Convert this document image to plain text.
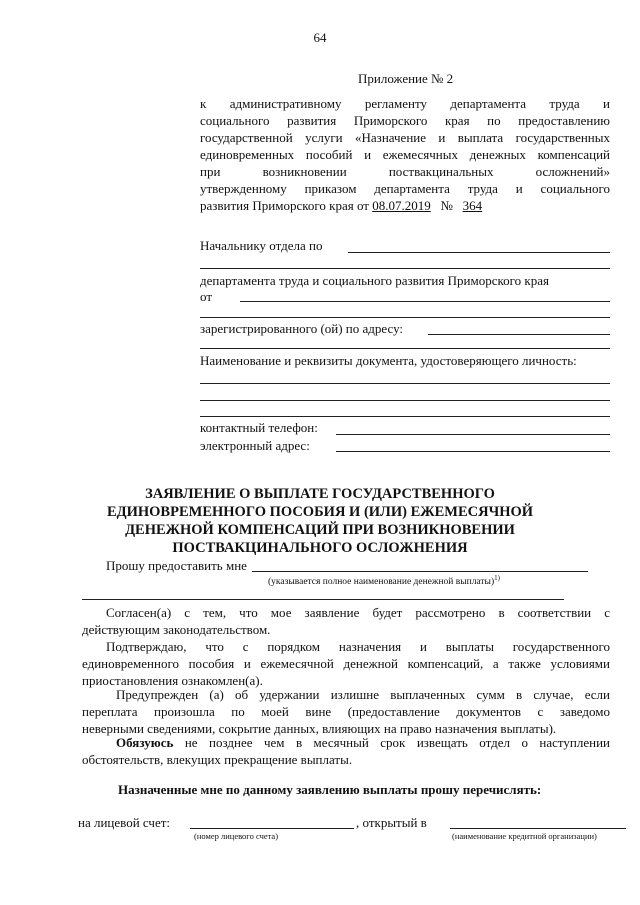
64
Приложение № 2
к административному регламенту департамента труда и
социального развития Приморского края по предоставлению
государственной услуги «Назначение и выплата государственных
единовременных пособий и ежемесячных денежных компенсаций
при возникновении поствакцинальных осложнений»
утвержденному приказом департамента труда и социального
развития Приморского края от 08.07.2019 № 364
Начальнику отдела по
департамента труда и социального развития Приморского края
от
зарегистрированного (ой) по адресу:
Наименование и реквизиты документа, удостоверяющего личность:
контактный телефон:
электронный адрес:
ЗАЯВЛЕНИЕ О ВЫПЛАТЕ ГОСУДАРСТВЕННОГО
ЕДИНОВРЕМЕННОГО ПОСОБИЯ И (ИЛИ) ЕЖЕМЕСЯЧНОЙ
ДЕНЕЖНОЙ КОМПЕНСАЦИЙ ПРИ ВОЗНИКНОВЕНИИ
ПОСТВАКЦИНАЛЬНОГО ОСЛОЖНЕНИЯ
Прошу предоставить мне
(указывается полное наименование денежной выплаты)$^{1)}$
Согласен(а) с тем, что мое заявление будет рассмотрено в соответствии с
действующим законодательством.
Подтверждаю, что с порядком назначения и выплаты государственного
единовременного пособия и ежемесячной денежной компенсаций, а также условиями
приостановления ознакомлен(а).
Предупрежден (а) об удержании излишне выплаченных сумм в случае, если
переплата произошла по моей вине (предоставление документов с заведомо
неверными сведениями, сокрытие данных, влияющих на право назначения выплаты).
Обязуюсь не позднее чем в месячный срок извещать отдел о наступлении
обстоятельств, влекущих прекращение выплаты.
Назначенные мне по данному заявлению выплаты прошу перечислять:
на лицевой счет:	, открытый в
(номер лицевого счета)	(наименование кредитной организации)
